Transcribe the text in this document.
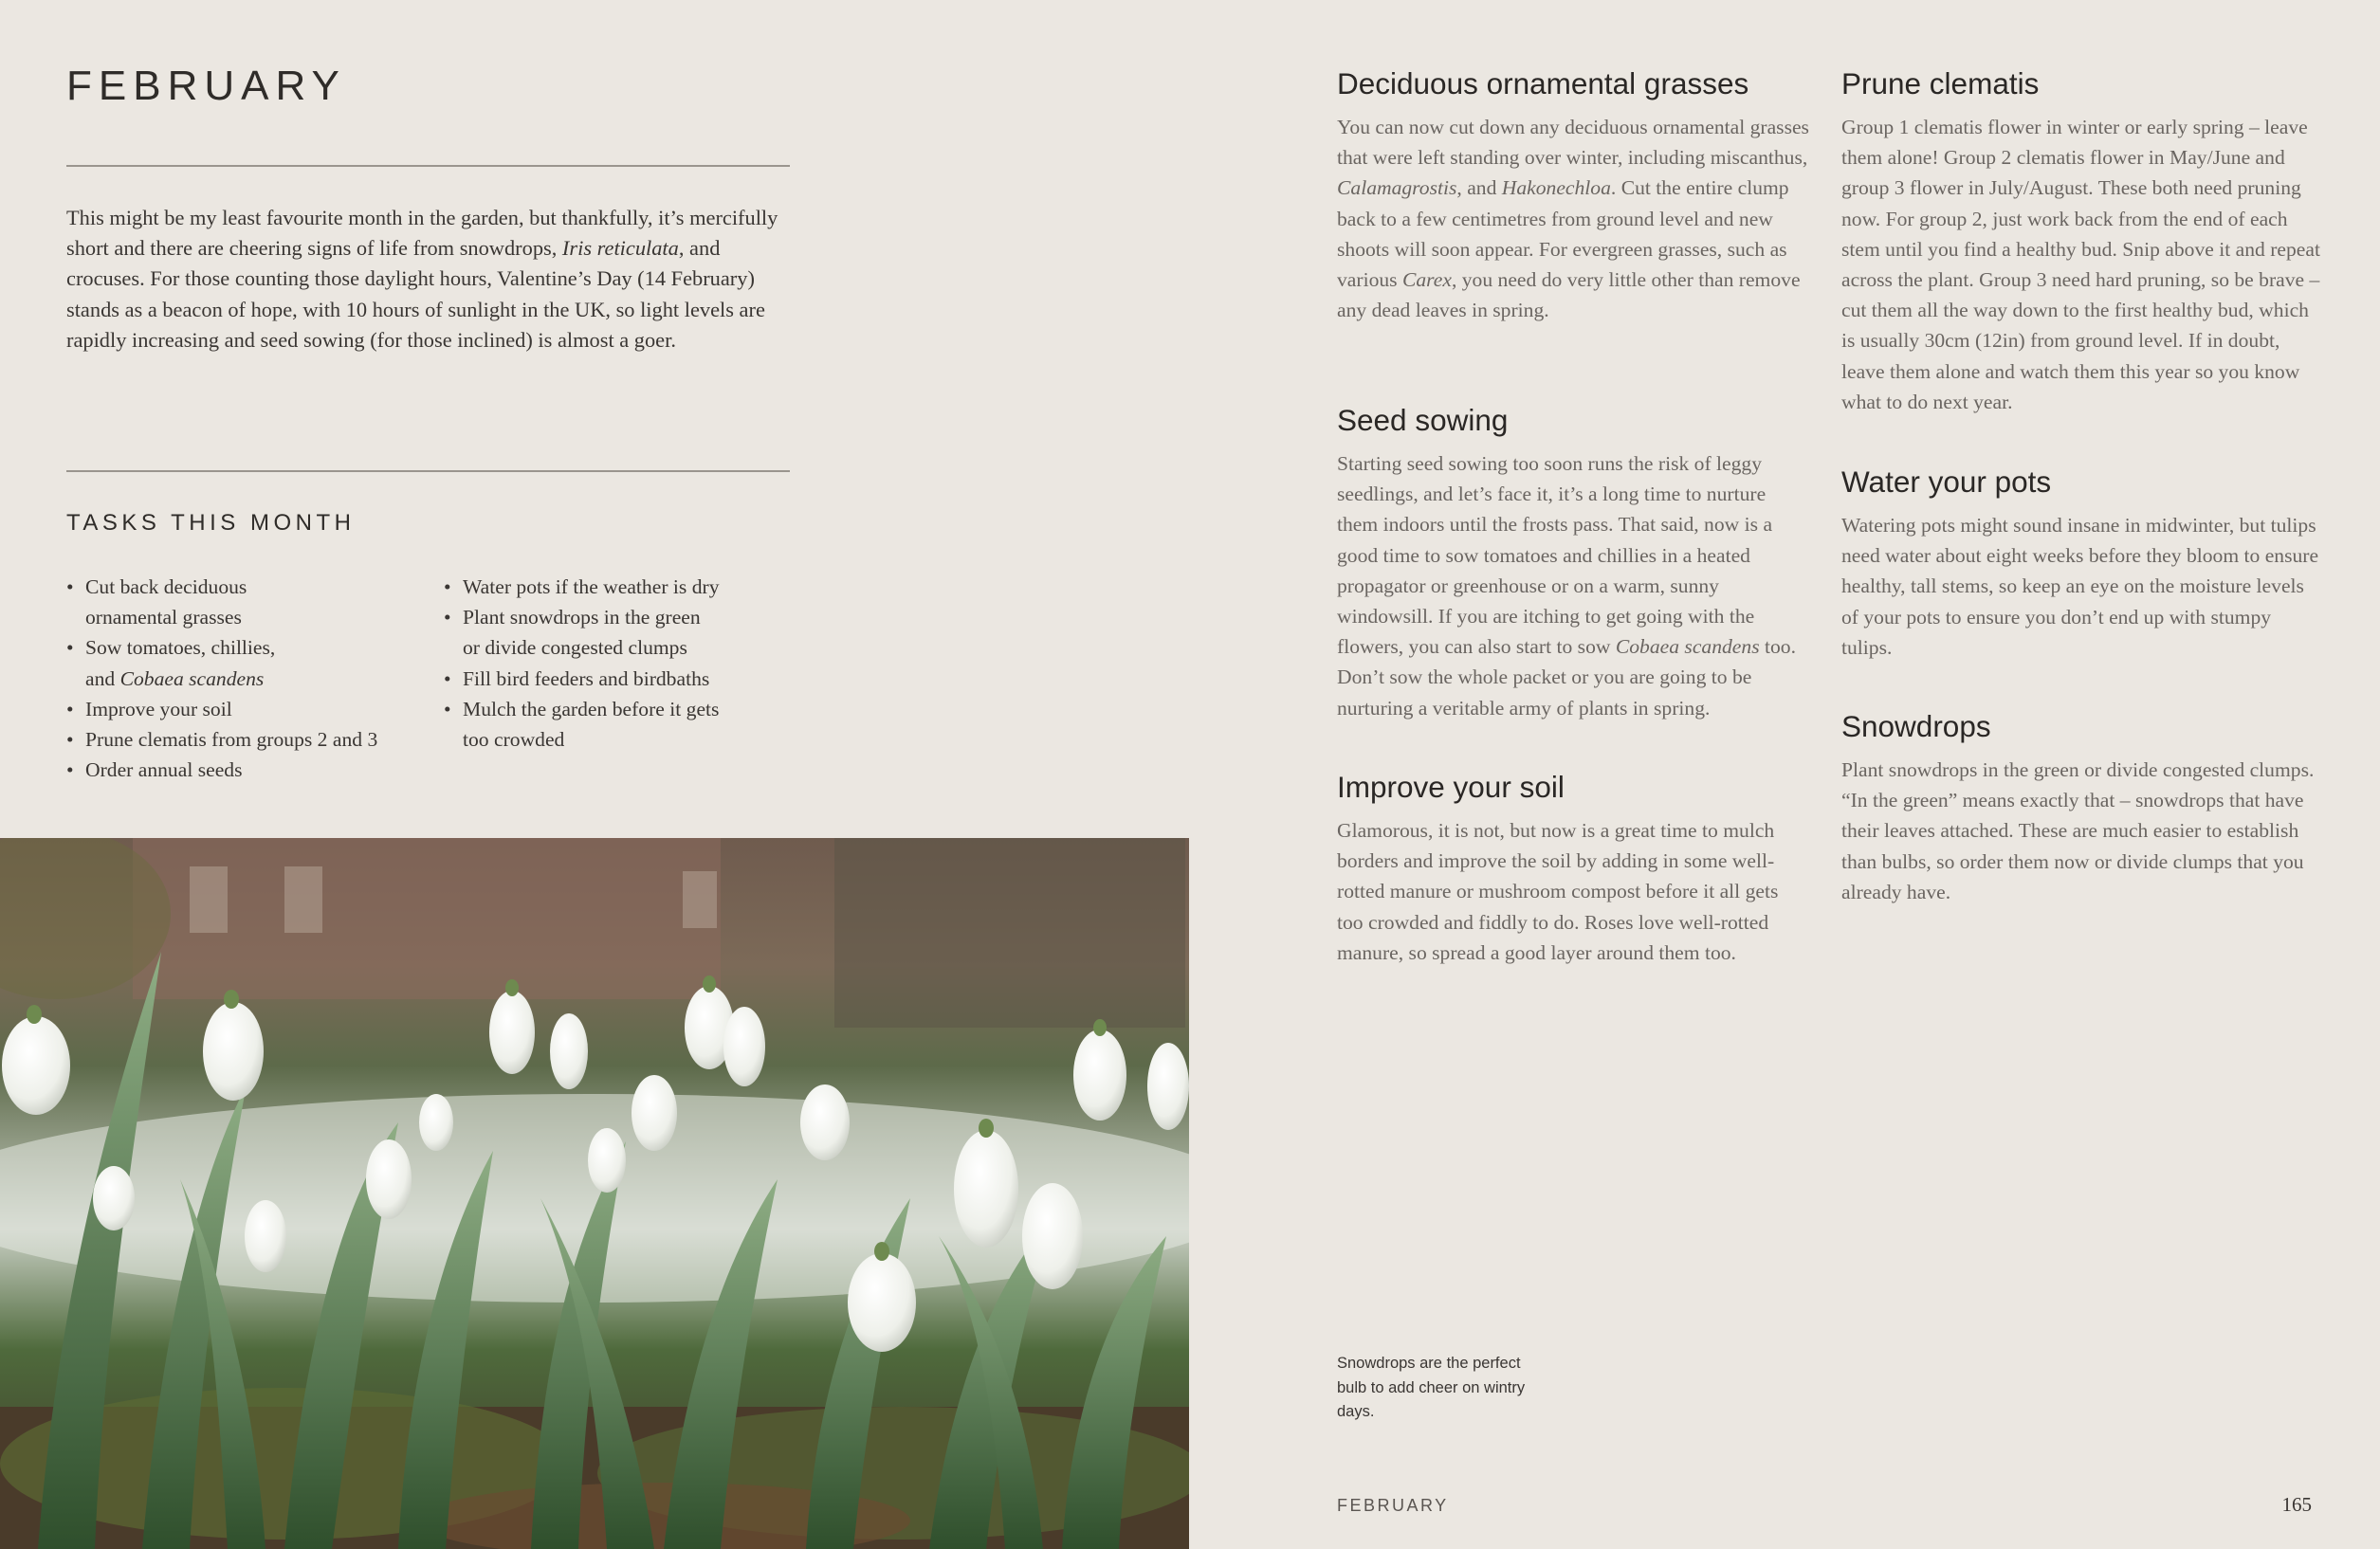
FEBRUARY

This might be my least favourite month in the garden, but thankfully, it’s mercifully short and there are cheering signs of life from snowdrops, Iris reticulata, and crocuses. For those counting those daylight hours, Valentine’s Day (14 February) stands as a beacon of hope, with 10 hours of sunlight in the UK, so light levels are rapidly increasing and seed sowing (for those inclined) is almost a goer.

TASKS THIS MONTH
• Cut back deciduous
ornamental grasses
• Sow tomatoes, chillies,
and Cobaea scandens
• Improve your soil
• Prune clematis from groups 2 and 3
• Order annual seeds
• Water pots if the weather is dry
• Plant snowdrops in the green
or divide congested clumps
• Fill bird feeders and birdbaths
• Mulch the garden before it gets
too crowded
Deciduous ornamental grasses

You can now cut down any deciduous ornamental grasses that were left standing over winter, including miscanthus, Calamagrostis, and Hakonechloa. Cut the entire clump back to a few centimetres from ground level and new shoots will soon appear. For evergreen grasses, such as various Carex, you need do very little other than remove any dead leaves in spring.

Seed sowing

Starting seed sowing too soon runs the risk of leggy seedlings, and let’s face it, it’s a long time to nurture them indoors until the frosts pass. That said, now is a good time to sow tomatoes and chillies in a heated propagator or greenhouse or on a warm, sunny windowsill. If you are itching to get going with the flowers, you can also start to sow Cobaea scandens too. Don’t sow the whole packet or you are going to be nurturing a veritable army of plants in spring.

Improve your soil

Glamorous, it is not, but now is a great time to mulch borders and improve the soil by adding in some well-rotted manure or mushroom compost before it all gets too crowded and fiddly to do. Roses love well-rotted manure, so spread a good layer around them too.

Prune clematis

Group 1 clematis flower in winter or early spring – leave them alone! Group 2 clematis flower in May/June and group 3 flower in July/August. These both need pruning now. For group 2, just work back from the end of each stem until you find a healthy bud. Snip above it and repeat across the plant. Group 3 need hard pruning, so be brave – cut them all the way down to the first healthy bud, which is usually 30cm (12in) from ground level. If in doubt, leave them alone and watch them this year so you know what to do next year.

Water your pots

Watering pots might sound insane in midwinter, but tulips need water about eight weeks before they bloom to ensure healthy, tall stems, so keep an eye on the moisture levels of your pots to ensure you don’t end up with stumpy tulips.

Snowdrops

Plant snowdrops in the green or divide congested clumps. “In the green” means exactly that – snowdrops that have their leaves attached. These are much easier to establish than bulbs, so order them now or divide clumps that you already have.

Snowdrops are the perfect bulb to add cheer on wintry days.

FEBRUARY	165
